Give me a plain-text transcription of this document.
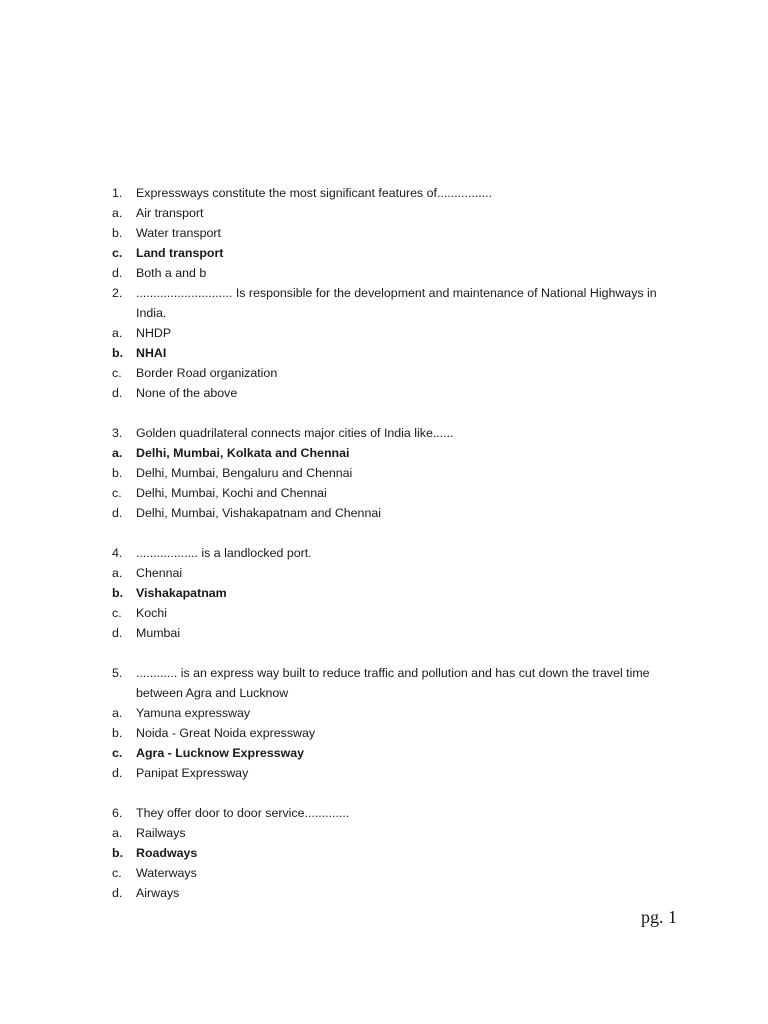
1.	Expressways constitute the most significant features of................
a.	Air transport
b.	Water transport
c.	Land transport
d.	Both a and b
2.	............................ Is responsible for the development and maintenance of National Highways in India.
a.	NHDP
b.	NHAI
c.	Border Road organization
d.	None of the above
3.	Golden quadrilateral connects major cities of India like......
a.	Delhi, Mumbai, Kolkata and Chennai
b.	Delhi, Mumbai, Bengaluru and Chennai
c.	Delhi, Mumbai, Kochi and Chennai
d.	Delhi, Mumbai, Vishakapatnam and Chennai
4.	.................. is a landlocked port.
a.	Chennai
b.	Vishakapatnam
c.	Kochi
d.	Mumbai
5.	............ is an express way built to reduce traffic and pollution and has cut down the travel time between Agra and Lucknow
a.	Yamuna expressway
b.	Noida - Great Noida expressway
c.	Agra - Lucknow Expressway
d.	Panipat Expressway
6.	They offer door to door service.............
a.	Railways
b.	Roadways
c.	Waterways
d.	Airways
pg. 1
